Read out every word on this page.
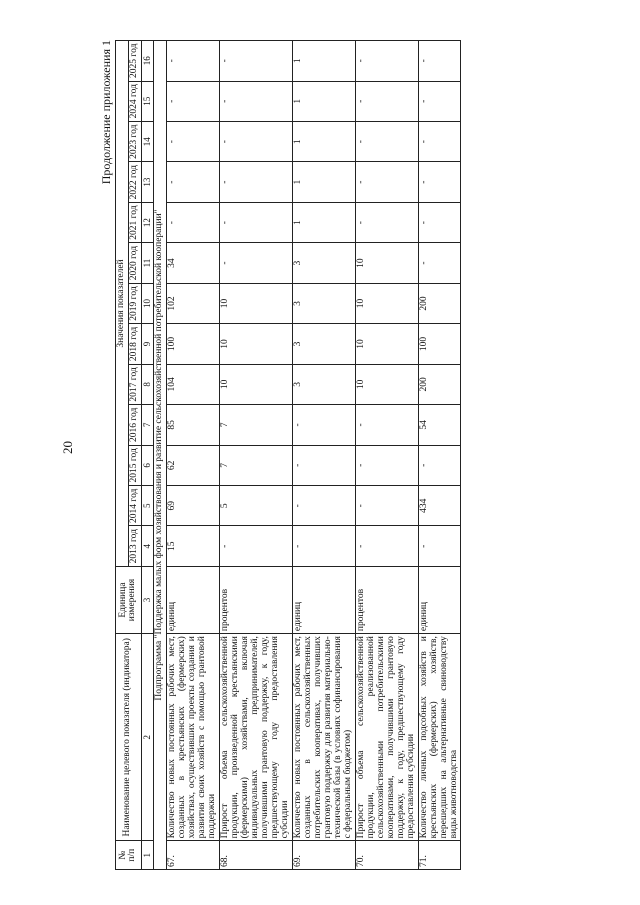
20
Продолжение приложения 1
№
п/п	Наименование целевого показателя (индикатора)	Единица измерения	Значения показателей												
			2013 год	2014 год	2015 год	2016 год	2017 год	2018 год	2019 год	2020 год	2021 год	2022 год	2023 год	2024 год	2025 год
1	2	3	4	5	6	7	8	9	10	11	12	13	14	15	16
Подпрограмма "Поддержка малых форм хозяйствования и развитие сельскохозяйственной потребительской кооперации"															
67.	Количество новых постоянных рабочих мест, созданных в крестьянских (фермерских) хозяйствах, осуществивших проекты создания и развития своих хозяйств с помощью грантовой поддержки	единиц	15	69	62	85	104	100	102	34	-	-	-	-	-
68.	Прирост объема сельскохозяйственной продукции, произведенной крестьянскими (фермерскими) хозяйствами, включая индивидуальных предпринимателей, получившими грантовую поддержку, к году, предшествующему году предоставления субсидии	процентов	-	5	7	7	10	10	10	-	-	-	-	-	-
69.	Количество новых постоянных рабочих мест, созданных в сельскохозяйственных потребительских кооперативах, получивших грантовую поддержку для развития материально-технической базы (в условиях софинансирования с федеральным бюджетом)	единиц	-	-	-	-	3	3	3	3	1	1	1	1	1
70.	Прирост объема сельскохозяйственной продукции, реализованной сельскохозяйственными потребительскими кооперативами, получившими грантовую поддержку, к году, предшествующему году предоставления субсидии	процентов	-	-	-	-	10	10	10	10	-	-	-	-	-
71.	Количество личных подсобных хозяйств и крестьянских (фермерских) хозяйств, перешедших на альтернативные свиноводству виды животноводства	единиц	-	434	-	54	200	100	200	-	-	-	-	-	-
